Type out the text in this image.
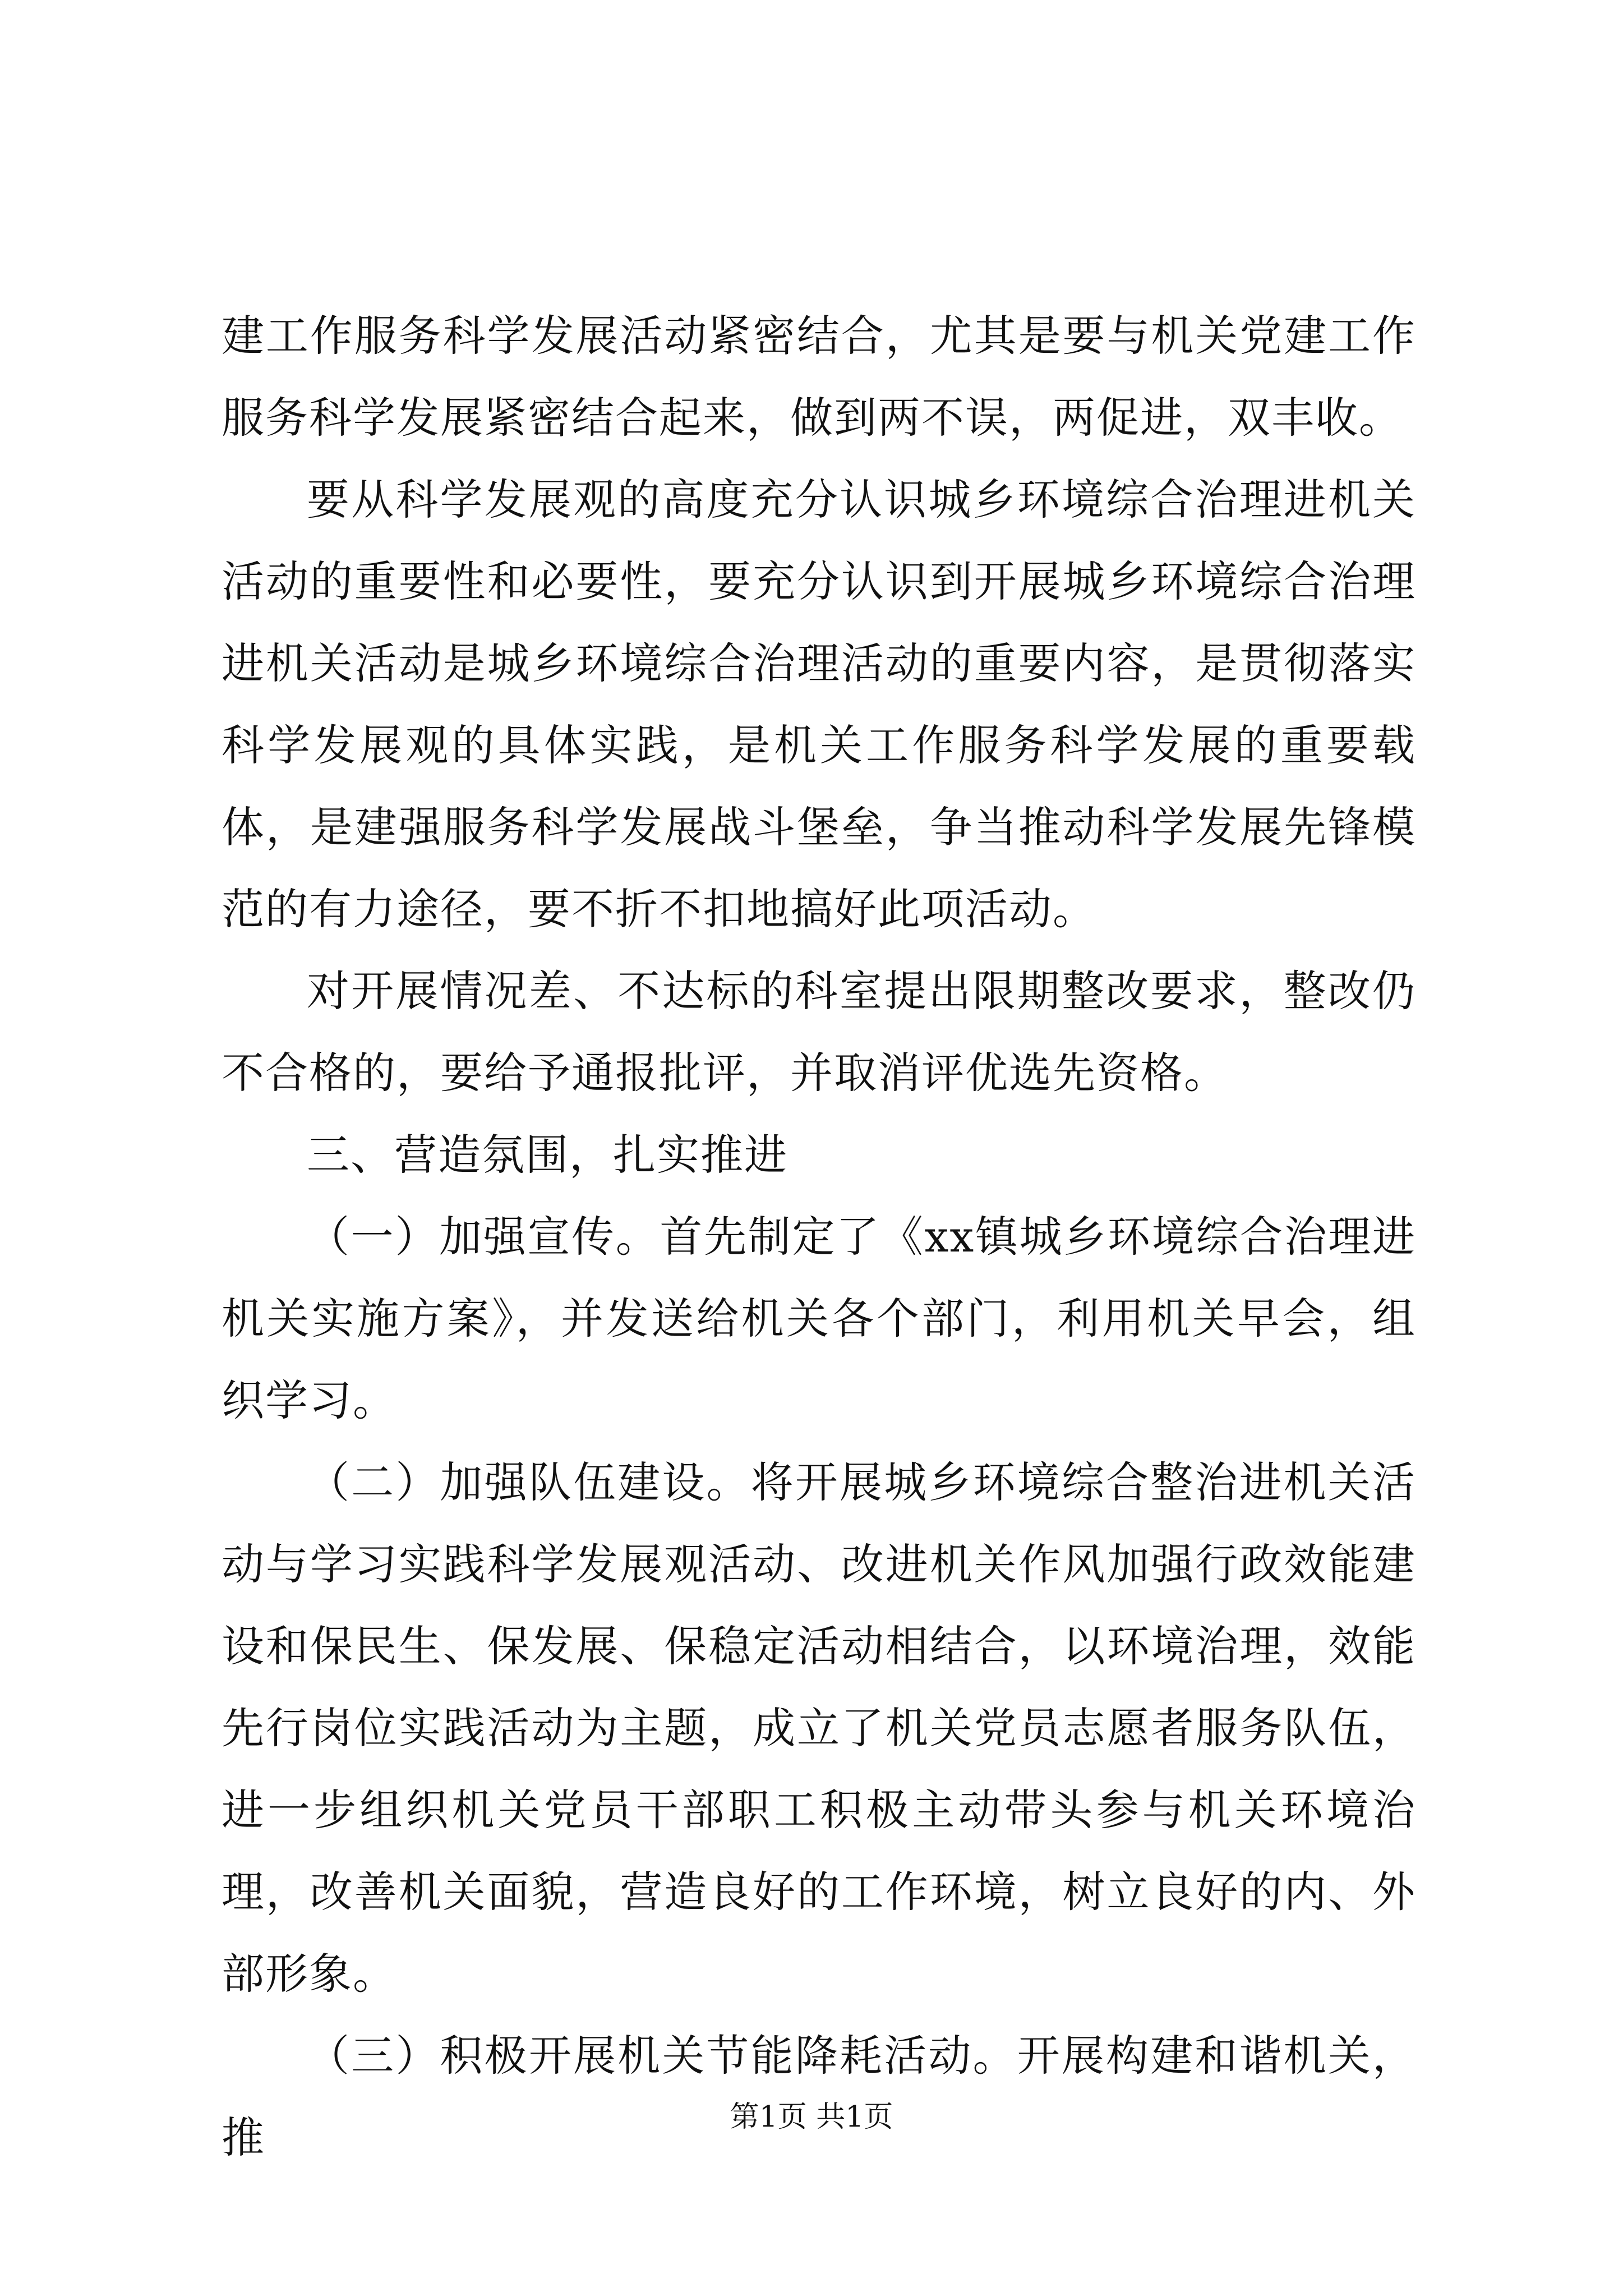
建工作服务科学发展活动紧密结合，尤其是要与机关党建工作服务科学发展紧密结合起来，做到两不误，两促进，双丰收。

要从科学发展观的高度充分认识城乡环境综合治理进机关活动的重要性和必要性，要充分认识到开展城乡环境综合治理进机关活动是城乡环境综合治理活动的重要内容，是贯彻落实科学发展观的具体实践，是机关工作服务科学发展的重要载体，是建强服务科学发展战斗堡垒，争当推动科学发展先锋模范的有力途径，要不折不扣地搞好此项活动。

对开展情况差、不达标的科室提出限期整改要求，整改仍不合格的，要给予通报批评，并取消评优选先资格。

三、营造氛围，扎实推进

（一）加强宣传。首先制定了《xx镇城乡环境综合治理进机关实施方案》，并发送给机关各个部门，利用机关早会，组织学习。

（二）加强队伍建设。将开展城乡环境综合整治进机关活动与学习实践科学发展观活动、改进机关作风加强行政效能建设和保民生、保发展、保稳定活动相结合，以环境治理，效能先行岗位实践活动为主题，成立了机关党员志愿者服务队伍，进一步组织机关党员干部职工积极主动带头参与机关环境治理，改善机关面貌，营造良好的工作环境，树立良好的内、外部形象。

（三）积极开展机关节能降耗活动。开展构建和谐机关，推	第1页 共1页
